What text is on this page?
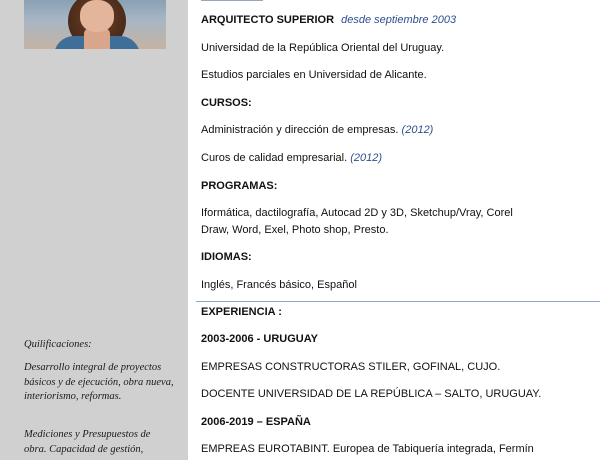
Quilificaciones:

Desarrollo integral de proyectos básicos y de ejecución, obra nueva, interiorismo, reformas.

Mediciones y Presupuestos de obra. Capacidad de gestión,

ARQUITECTO SUPERIOR desde septiembre 2003

Universidad de la República Oriental del Uruguay.

Estudios parciales en Universidad de Alicante.

CURSOS:

Administración y dirección de empresas. (2012)

Curos de calidad empresarial. (2012)

PROGRAMAS:

Iformática, dactilografía, Autocad 2D y 3D, Sketchup/Vray, Corel

Draw, Word, Exel, Photo shop, Presto.

IDIOMAS:

Inglés, Francés básico, Español

EXPERIENCIA :

2003-2006 - URUGUAY

EMPRESAS CONSTRUCTORAS STILER, GOFINAL, CUJO.

DOCENTE UNIVERSIDAD DE LA REPÚBLICA – SALTO, URUGUAY.

2006-2019 – ESPAÑA

EMPREAS EUROTABINT. Europea de Tabiquería integrada, Fermín
